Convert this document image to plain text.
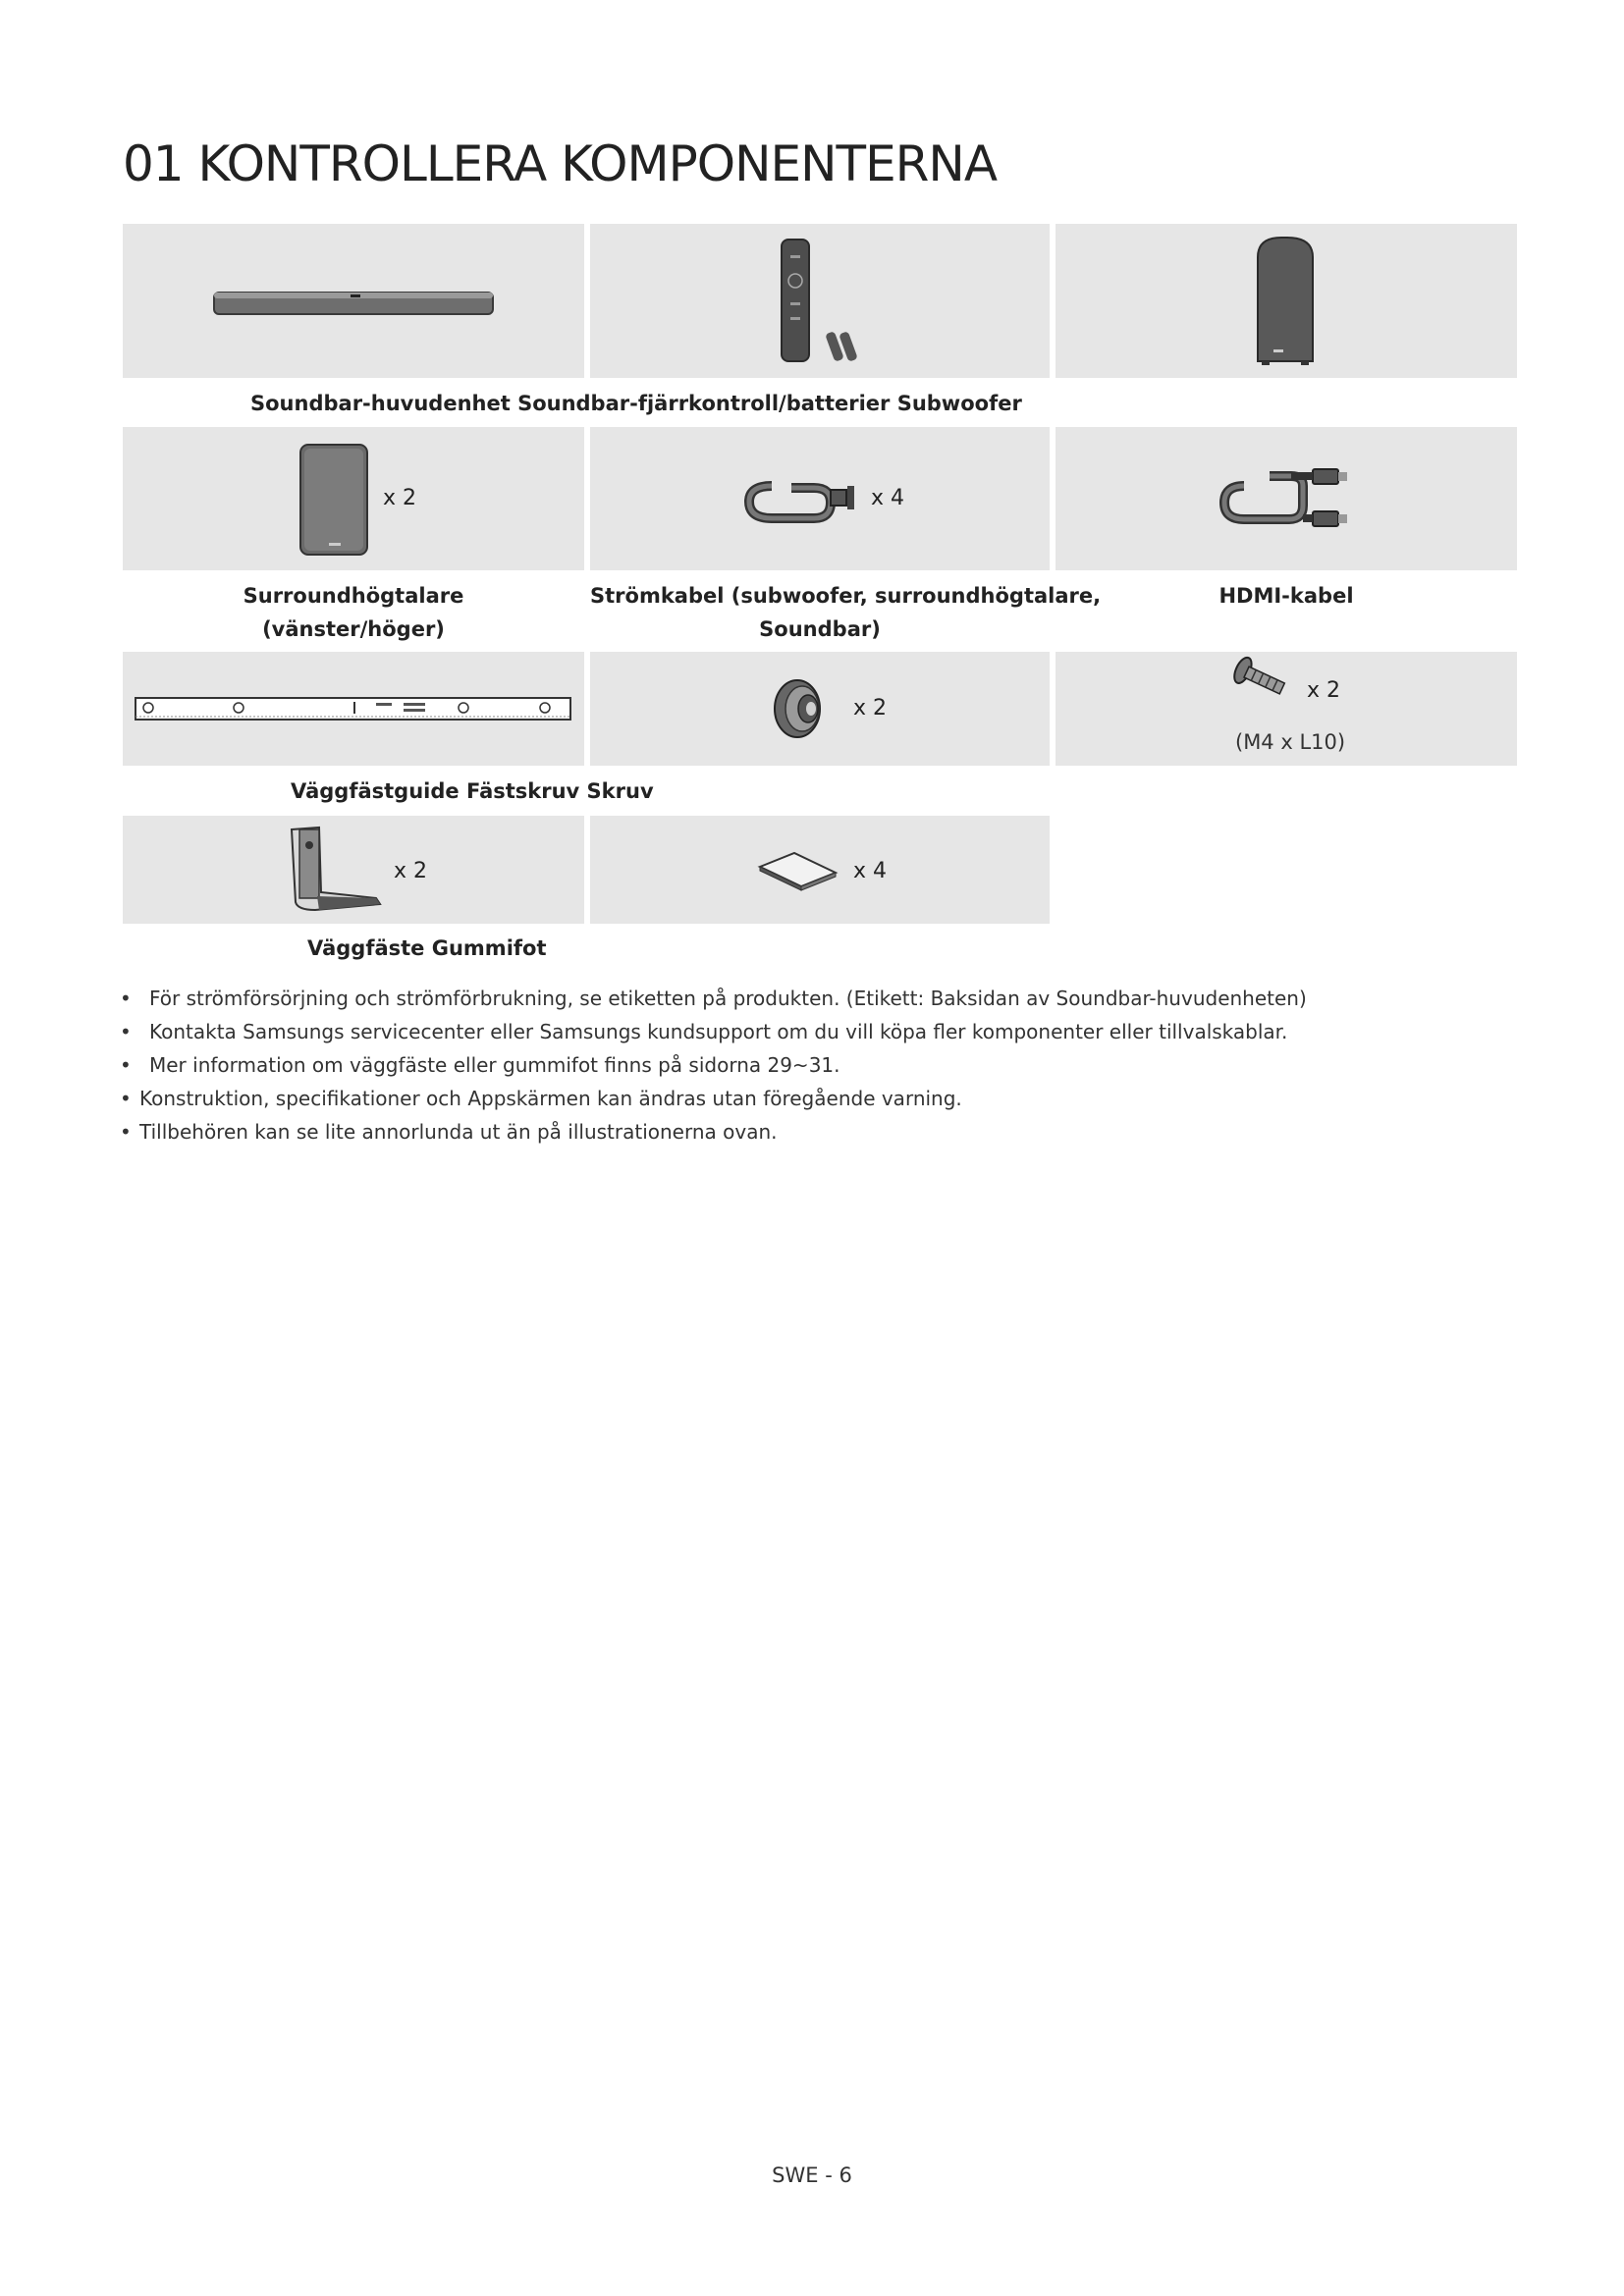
01 KONTROLLERA KOMPONENTERNA
Soundbar-huvudenhet Soundbar-fjärrkontroll/batterier Subwoofer
x 2	x 4
Surroundhögtalare
(vänster/höger)
Strömkabel (subwoofer, surroundhögtalare,
Soundbar)
HDMI-kabel
x 2
x 2
(M4 x L10)
Väggfästguide Fästskruv Skruv
x 2	x 4
Väggfäste Gummifot
• För strömförsörjning och strömförbrukning, se etiketten på produkten. (Etikett: Baksidan av Soundbar-huvudenheten)
• Kontakta Samsungs servicecenter eller Samsungs kundsupport om du vill köpa fler komponenter eller tillvalskablar.
• Mer information om väggfäste eller gummifot finns på sidorna 29~31.
• Konstruktion, specifikationer och Appskärmen kan ändras utan föregående varning.
• Tillbehören kan se lite annorlunda ut än på illustrationerna ovan.
SWE - 6
